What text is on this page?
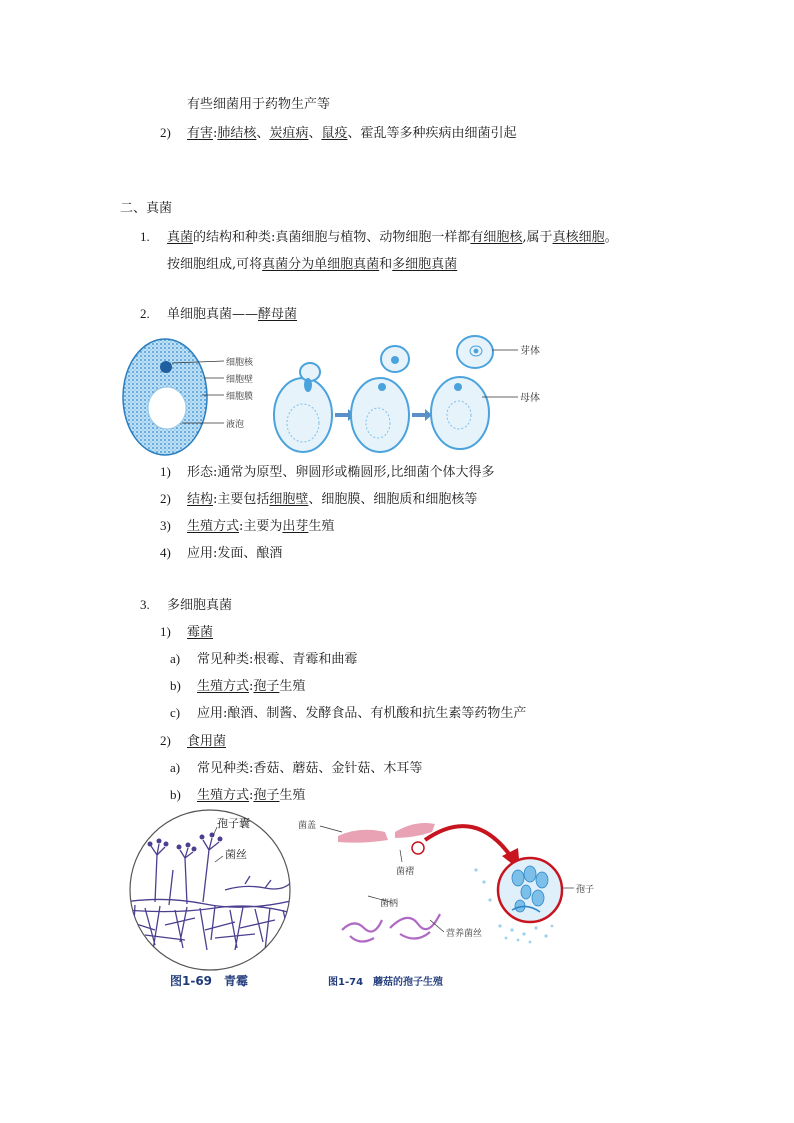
有些细菌用于药物生产等
2) 有害:肺结核、炭疽病、鼠疫、霍乱等多种疾病由细菌引起
二、真菌
1. 真菌的结构和种类:真菌细胞与植物、动物细胞一样都有细胞核,属于真核细胞。
按细胞组成,可将真菌分为单细胞真菌和多细胞真菌
2. 单细胞真菌——酵母菌
细胞核
细胞壁
细胞膜
液泡
芽体
母体
1) 形态:通常为原型、卵圆形或椭圆形,比细菌个体大得多
2) 结构:主要包括细胞壁、细胞膜、细胞质和细胞核等
3) 生殖方式:主要为出芽生殖
4) 应用:发面、酿酒
3. 多细胞真菌
1) 霉菌
a) 常见种类:根霉、青霉和曲霉
b) 生殖方式:孢子生殖
c) 应用:酿酒、制酱、发酵食品、有机酸和抗生素等药物生产
2) 食用菌
a) 常见种类:香菇、蘑菇、金针菇、木耳等
b) 生殖方式:孢子生殖
孢子囊
菌丝
图1-69　青霉
菌盖
菌褶
孢子
菌柄
营养菌丝
图1-74　蘑菇的孢子生殖
